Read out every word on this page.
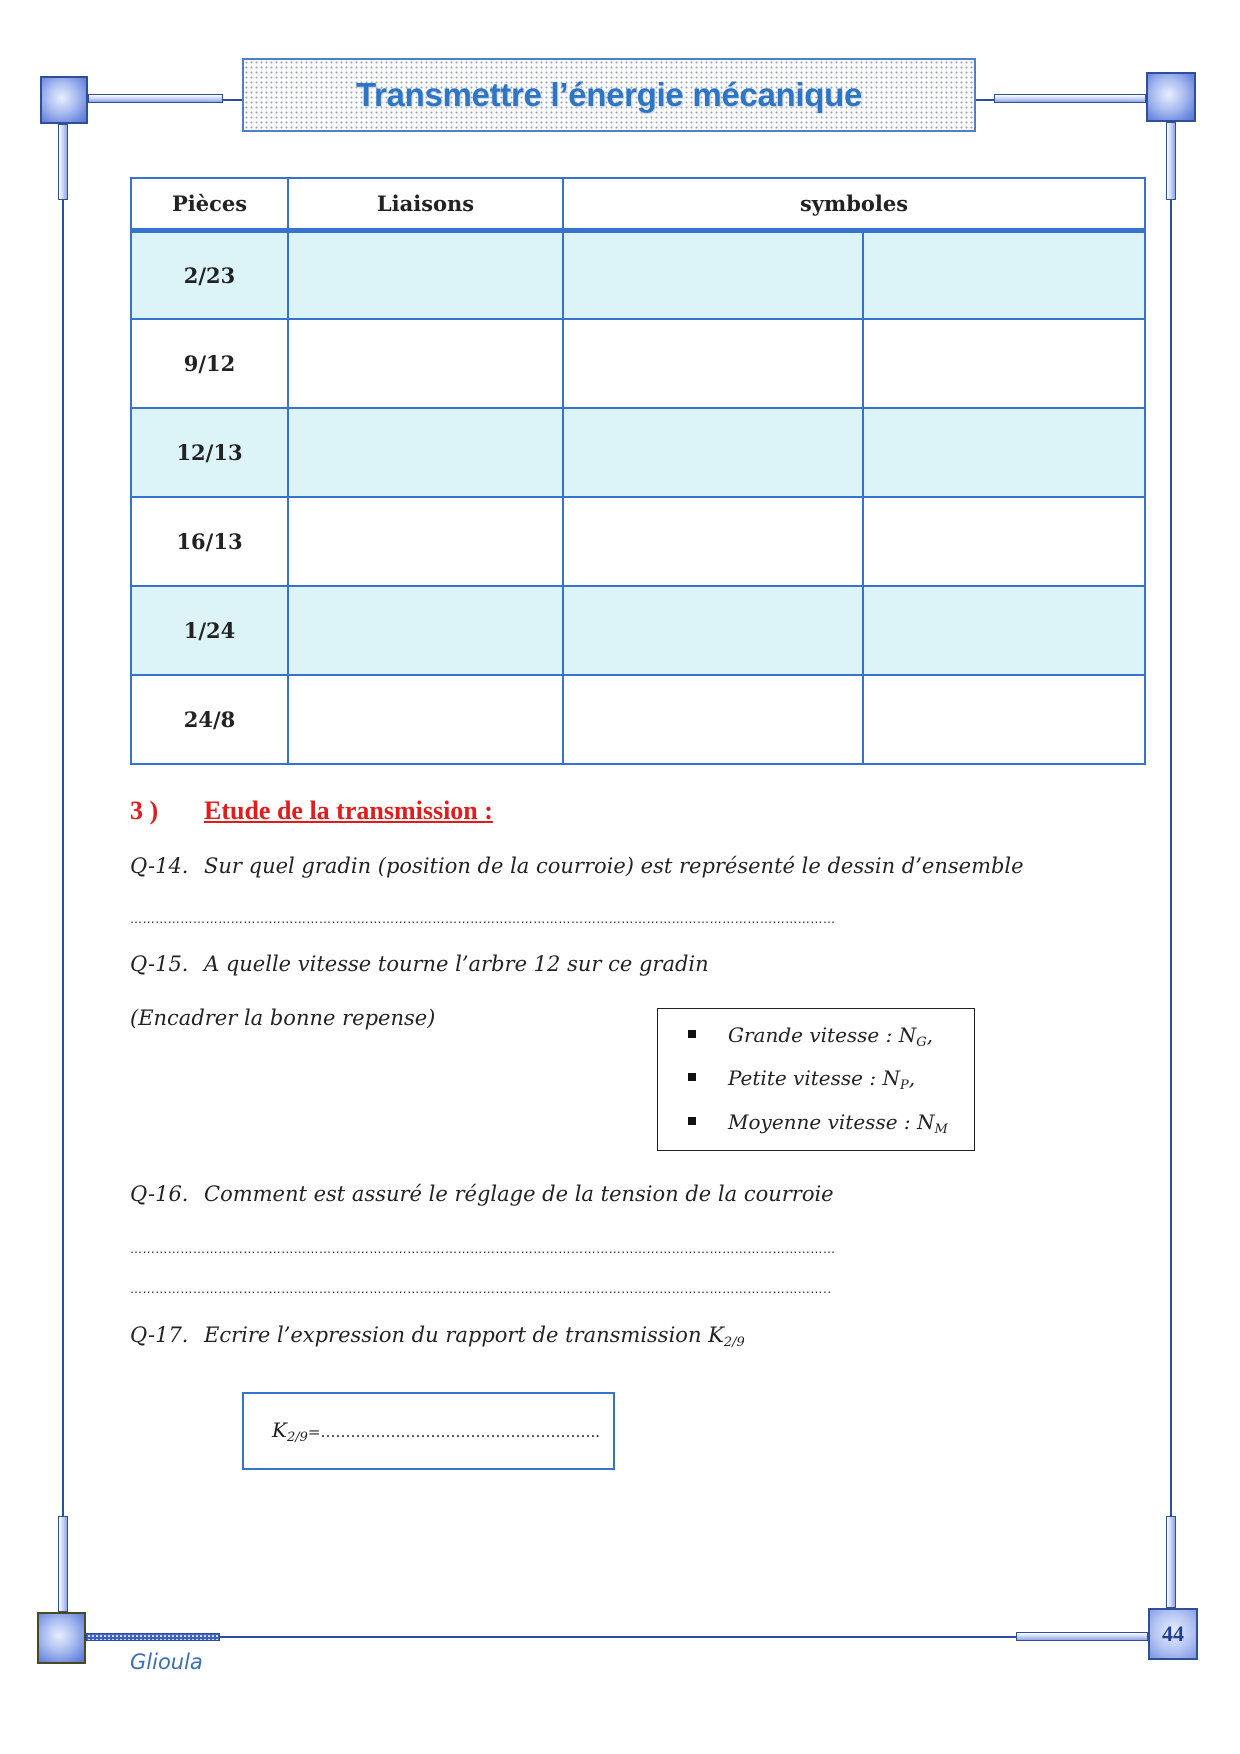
Transmettre l’énergie mécanique
Pièces	Liaisons	symboles	
2/23			
9/12			
12/13			
16/13			
1/24			
24/8			
3 ) Etude de la transmission :
Q-14. Sur quel gradin (position de la courroie) est représenté le dessin d’ensemble
……………………………………………………………………………………………………………………………………………………
Q-15. A quelle vitesse tourne l’arbre 12 sur ce gradin
(Encadrer la bonne repense)
Grande vitesse : $N_G$,
Petite vitesse : $N_P$,
Moyenne vitesse : $N_M$
Q-16. Comment est assuré le réglage de la tension de la courroie
……………………………………………………………………………………………………………………………………………………
…………………………………………………………………………………………………………………………………………………..
Q-17. Ecrire l’expression du rapport de transmission $K_{2/9}$
$K_{2/9}=\dots\dots\dots\dots\dots\dots\dots\dots\dots\dots\dots\dots\dots\dots\dots\dots\dots\dots$..
44
Glioula
